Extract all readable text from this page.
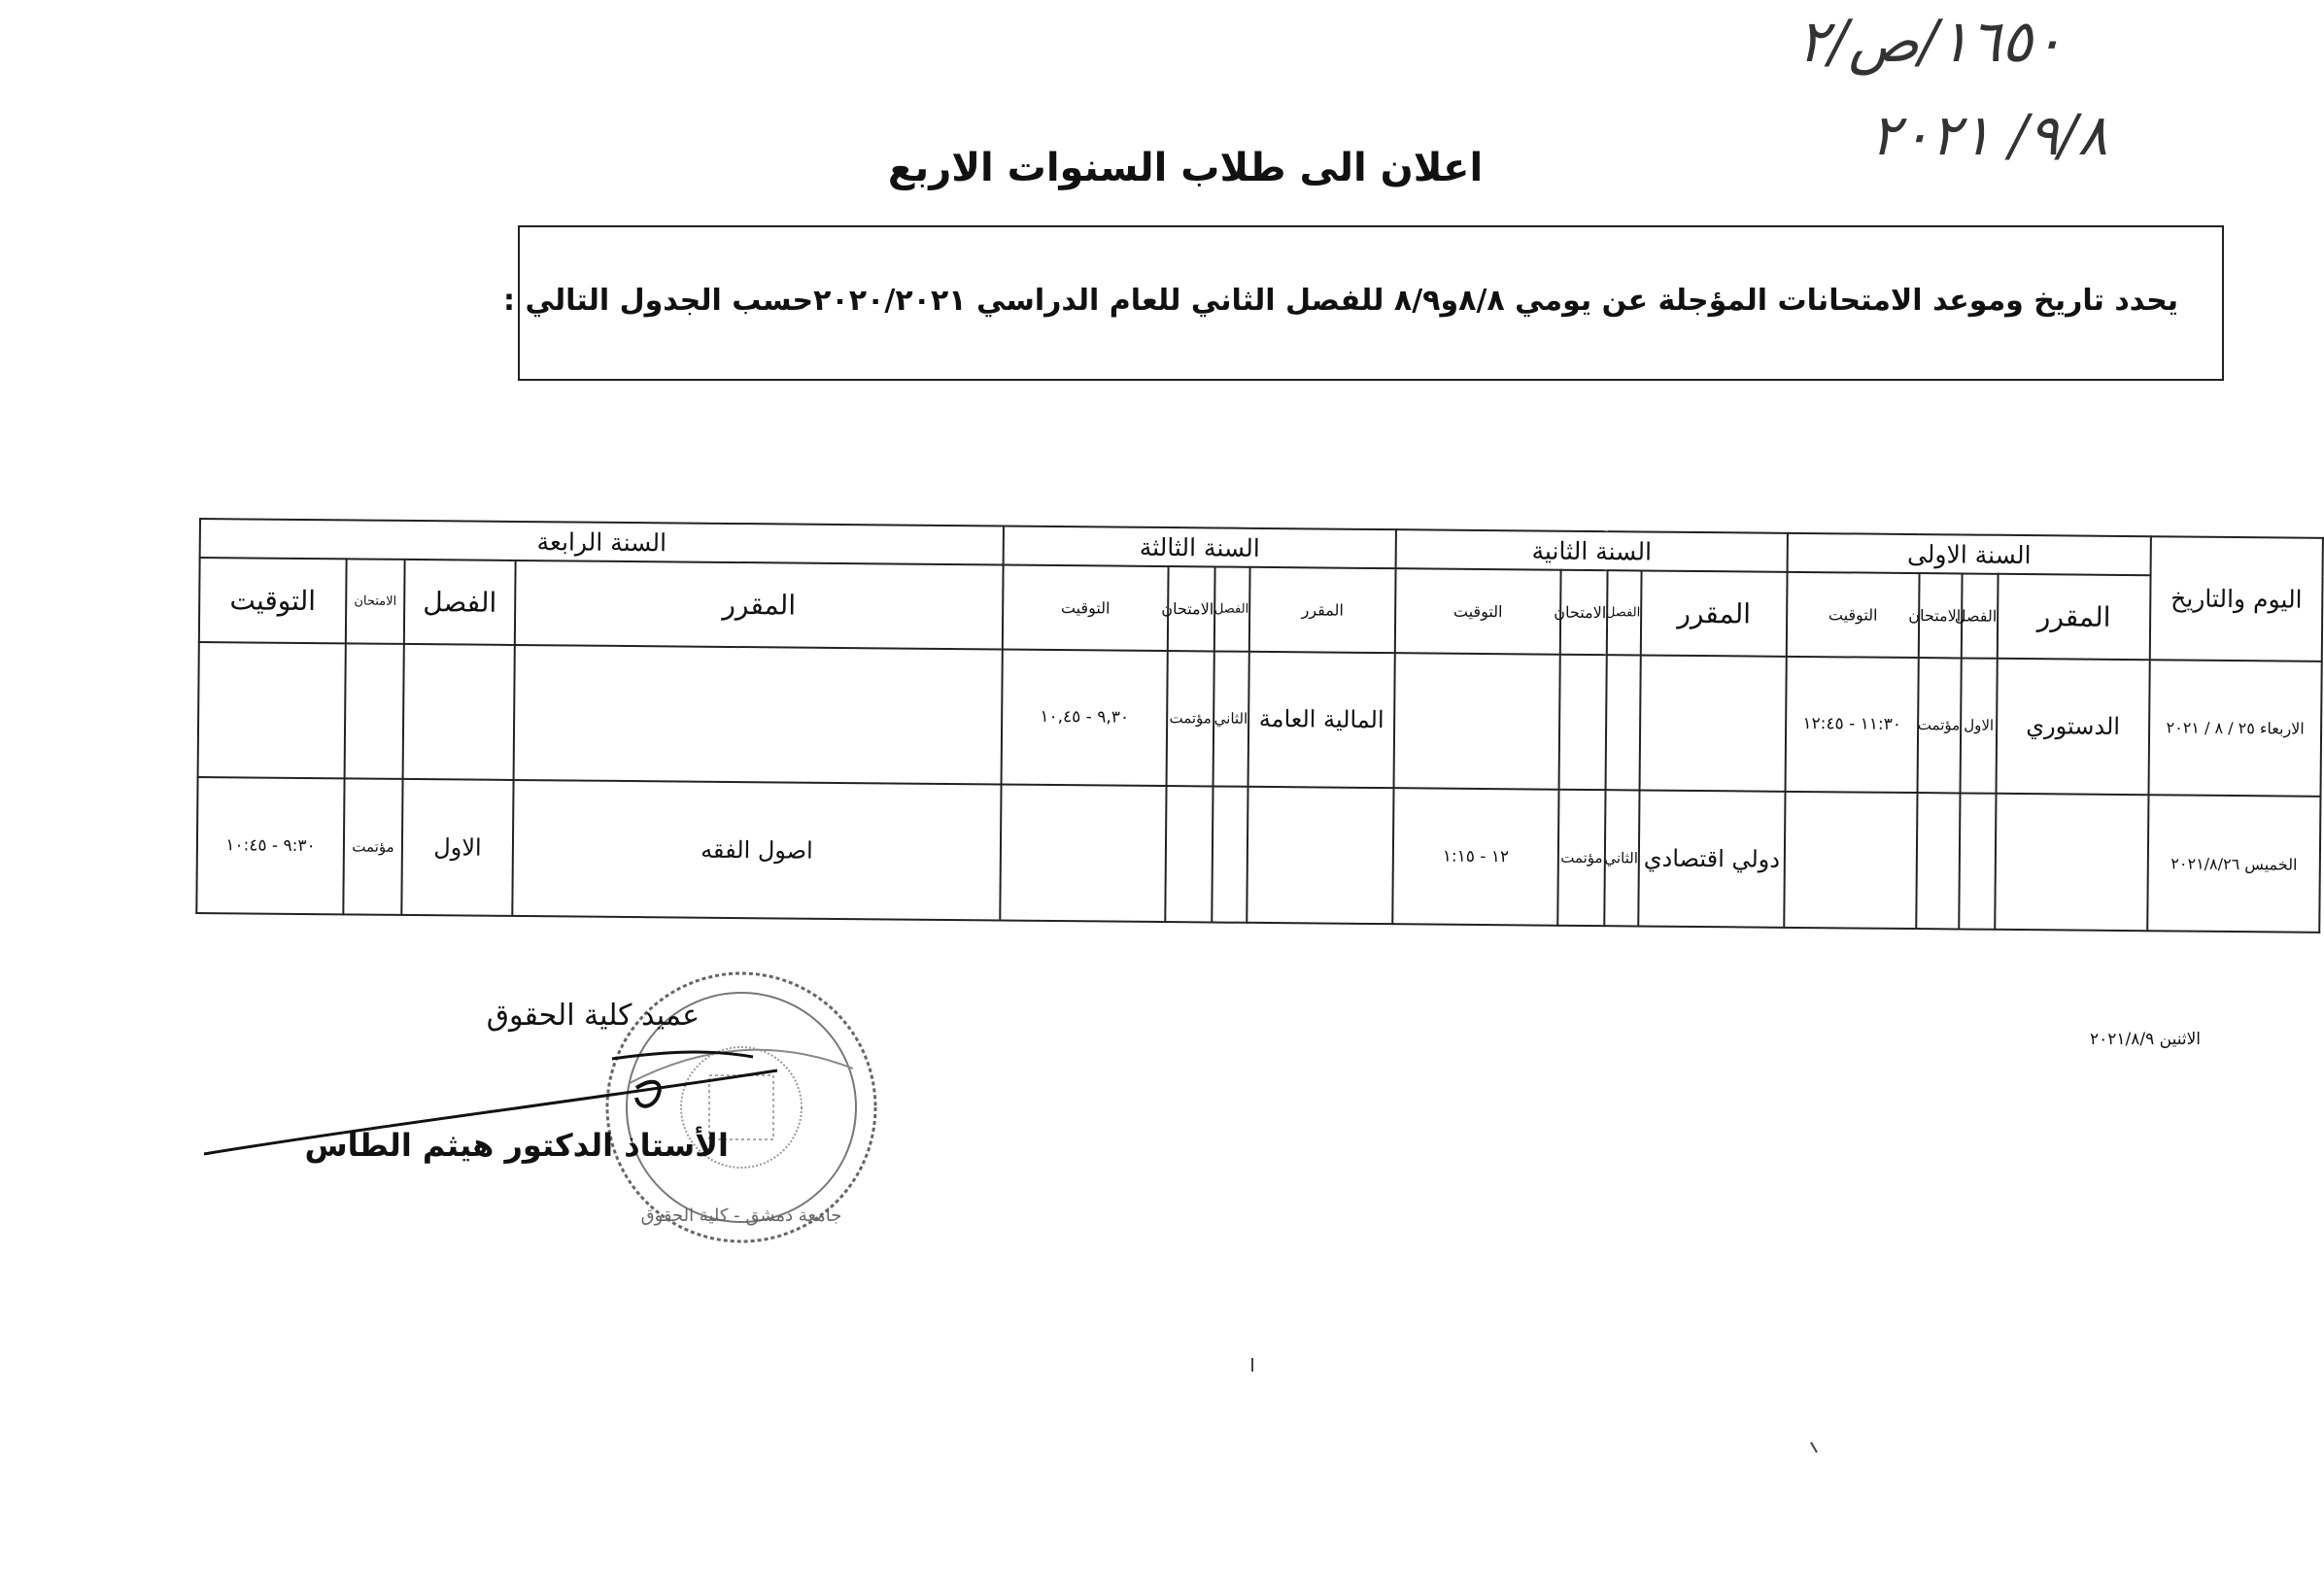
١٦٥٠/ص/٢
٩/٨/ ٢٠٢١
اعلان الى طلاب السنوات الاربع
يحدد تاريخ وموعد الامتحانات المؤجلة عن يومي ٨/٨و٨/٩ للفصل الثاني للعام الدراسي ٢٠٢٠/٢٠٢١حسب الجدول التالي :
اليوم والتاريخ	السنة الاولى				السنة الثانية				السنة الثالثة				السنة الرابعة			
	المقرر	الفصل	الامتحان	التوقيت	المقرر	الفصل	الامتحان	التوقيت	المقرر	الفصل	الامتحان	التوقيت	المقرر	الفصل	الامتحان	التوقيت
الاربعاء ٢٥ / ٨ / ٢٠٢١	الدستوري	الاول	مؤتمت	١١:٣٠ - ١٢:٤٥					المالية العامة	الثاني	مؤتمت	٩,٣٠ - ١٠,٤٥				
الخميس ٢٠٢١/٨/٢٦					دولي اقتصادي	الثاني	مؤتمت	١٢ - ١:١٥					اصول الفقه	الاول	مؤتمت	٩:٣٠ - ١٠:٤٥
الاثنين ٢٠٢١/٨/٩
جامعة دمشق - كلية الحقوق
عميد كلية الحقوق
الأستاذ الدكتور هيثم الطاس
